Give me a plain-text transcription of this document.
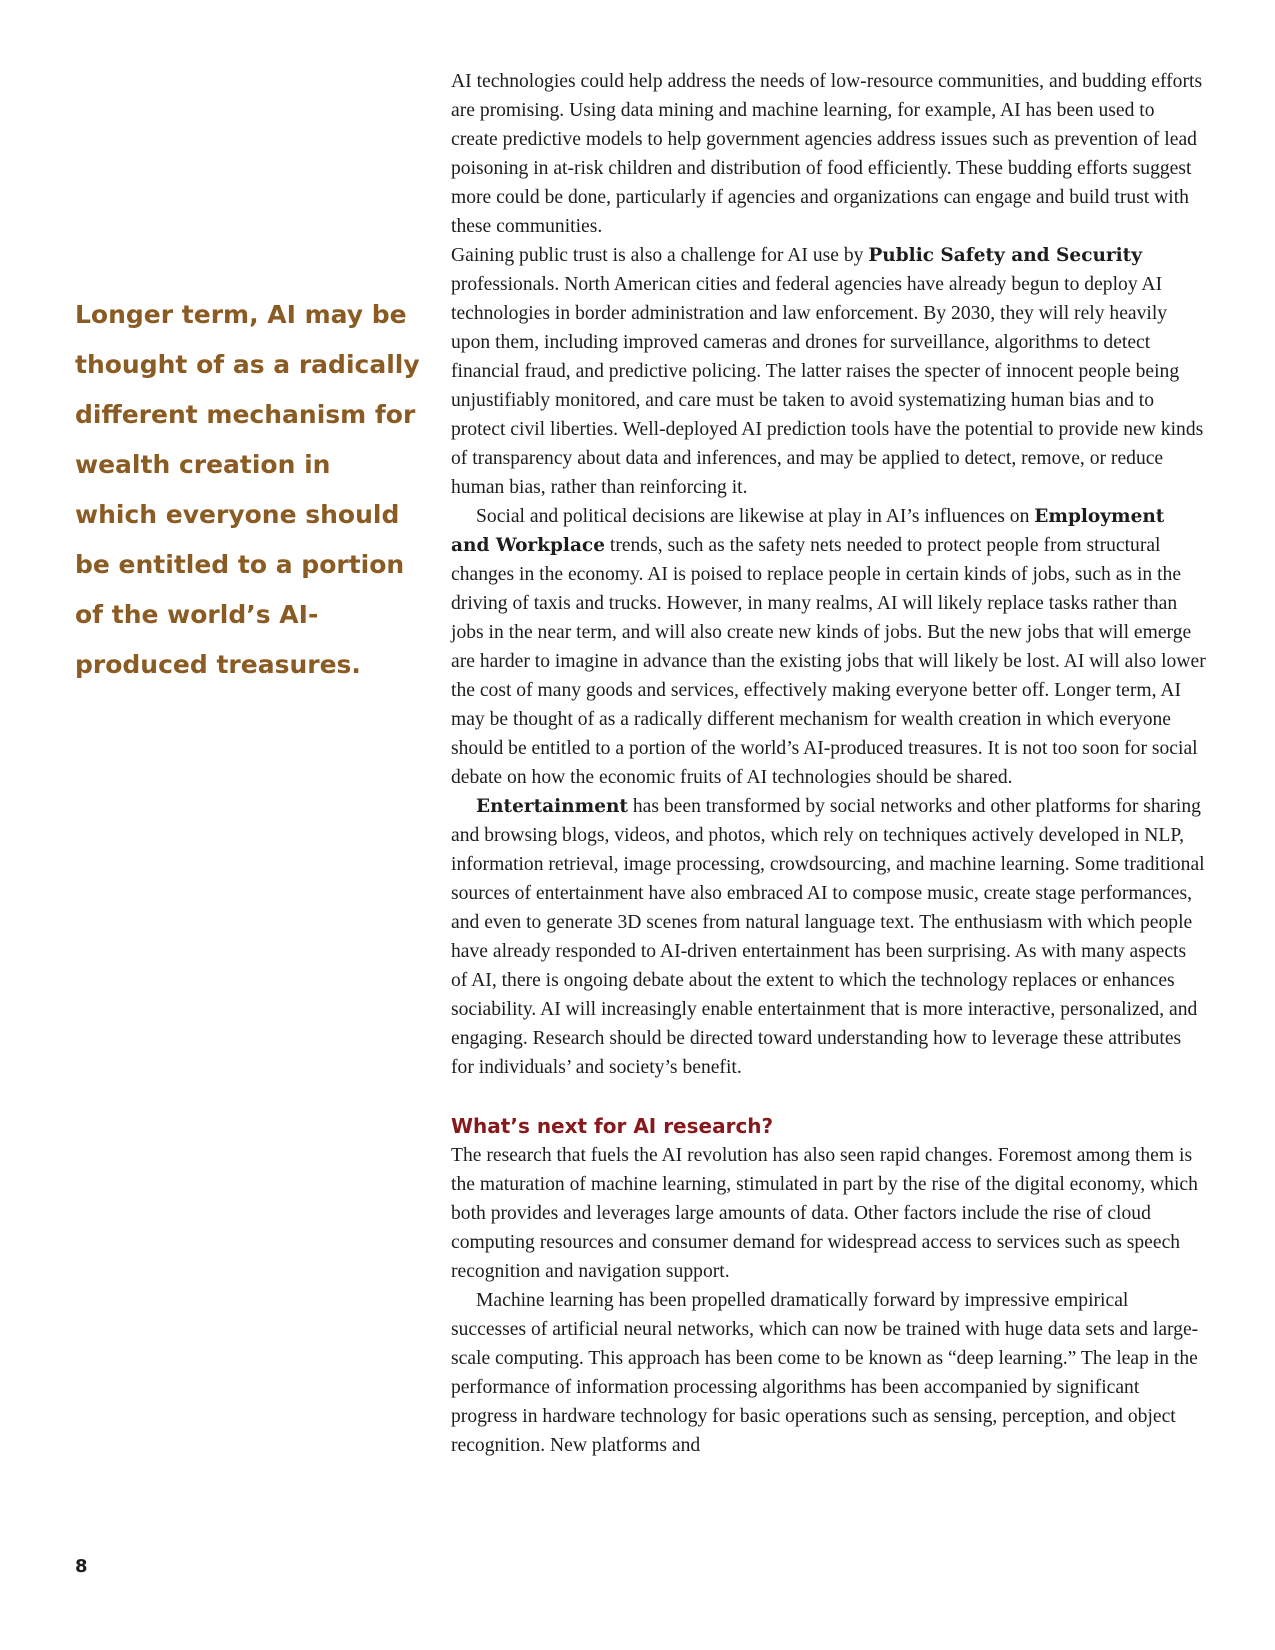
Longer term, AI may be thought of as a radically different mechanism for wealth creation in which everyone should be entitled to a portion of the world’s AI-produced treasures.

AI technologies could help address the needs of low-resource communities, and budding efforts are promising. Using data mining and machine learning, for example, AI has been used to create predictive models to help government agencies address issues such as prevention of lead poisoning in at-risk children and distribution of food efficiently. These budding efforts suggest more could be done, particularly if agencies and organizations can engage and build trust with these communities.

Gaining public trust is also a challenge for AI use by Public Safety and Security professionals. North American cities and federal agencies have already begun to deploy AI technologies in border administration and law enforcement. By 2030, they will rely heavily upon them, including improved cameras and drones for surveillance, algorithms to detect financial fraud, and predictive policing. The latter raises the specter of innocent people being unjustifiably monitored, and care must be taken to avoid systematizing human bias and to protect civil liberties. Well-deployed AI prediction tools have the potential to provide new kinds of transparency about data and inferences, and may be applied to detect, remove, or reduce human bias, rather than reinforcing it.

Social and political decisions are likewise at play in AI’s influences on Employment and Workplace trends, such as the safety nets needed to protect people from structural changes in the economy. AI is poised to replace people in certain kinds of jobs, such as in the driving of taxis and trucks. However, in many realms, AI will likely replace tasks rather than jobs in the near term, and will also create new kinds of jobs. But the new jobs that will emerge are harder to imagine in advance than the existing jobs that will likely be lost. AI will also lower the cost of many goods and services, effectively making everyone better off. Longer term, AI may be thought of as a radically different mechanism for wealth creation in which everyone should be entitled to a portion of the world’s AI-produced treasures. It is not too soon for social debate on how the economic fruits of AI technologies should be shared.

Entertainment has been transformed by social networks and other platforms for sharing and browsing blogs, videos, and photos, which rely on techniques actively developed in NLP, information retrieval, image processing, crowdsourcing, and machine learning. Some traditional sources of entertainment have also embraced AI to compose music, create stage performances, and even to generate 3D scenes from natural language text. The enthusiasm with which people have already responded to AI-driven entertainment has been surprising. As with many aspects of AI, there is ongoing debate about the extent to which the technology replaces or enhances sociability. AI will increasingly enable entertainment that is more interactive, personalized, and engaging. Research should be directed toward understanding how to leverage these attributes for individuals’ and society’s benefit.

What’s next for AI research?

The research that fuels the AI revolution has also seen rapid changes. Foremost among them is the maturation of machine learning, stimulated in part by the rise of the digital economy, which both provides and leverages large amounts of data. Other factors include the rise of cloud computing resources and consumer demand for widespread access to services such as speech recognition and navigation support.

Machine learning has been propelled dramatically forward by impressive empirical successes of artificial neural networks, which can now be trained with huge data sets and large-scale computing. This approach has been come to be known as “deep learning.” The leap in the performance of information processing algorithms has been accompanied by significant progress in hardware technology for basic operations such as sensing, perception, and object recognition. New platforms and

8
